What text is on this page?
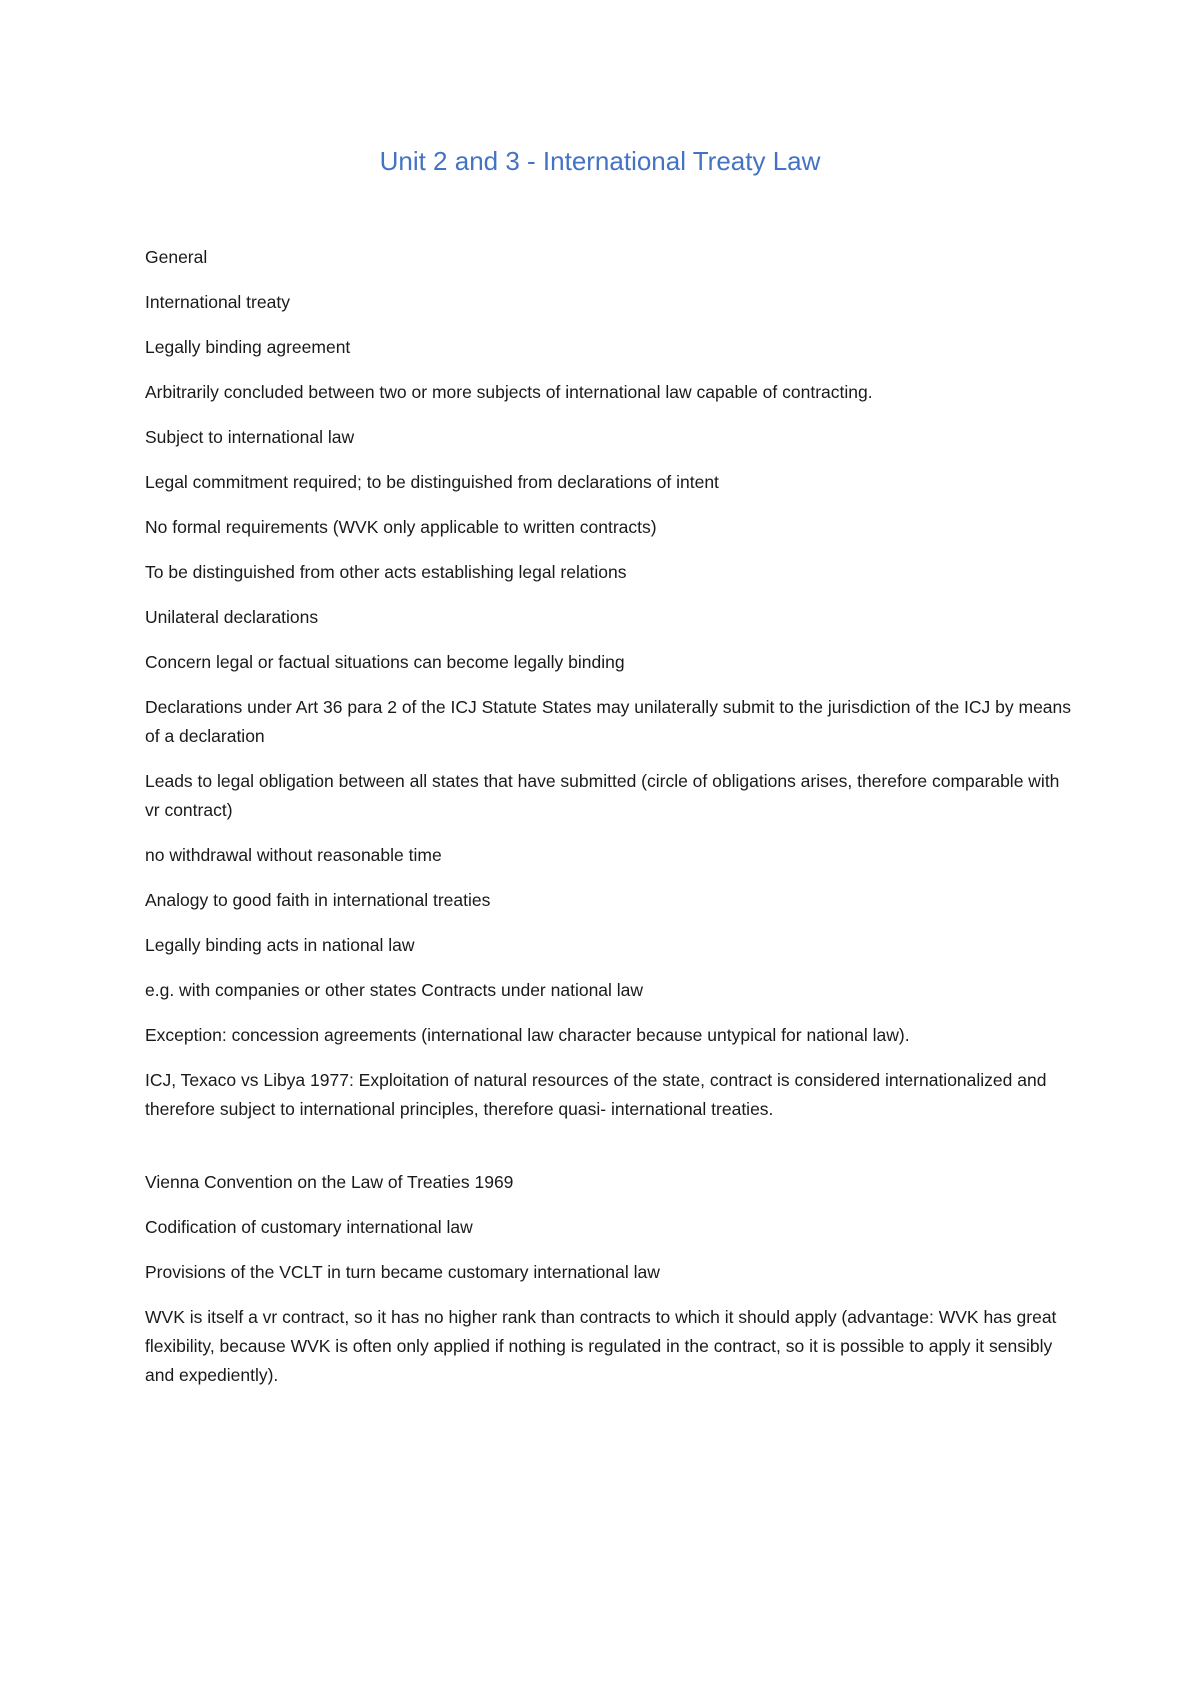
Unit 2 and 3 - International Treaty Law

General

International treaty

Legally binding agreement

Arbitrarily concluded between two or more subjects of international law capable of contracting.

Subject to international law

Legal commitment required; to be distinguished from declarations of intent

No formal requirements (WVK only applicable to written contracts)

To be distinguished from other acts establishing legal relations

Unilateral declarations

Concern legal or factual situations can become legally binding

Declarations under Art 36 para 2 of the ICJ Statute States may unilaterally submit to the jurisdiction of the ICJ by means of a declaration

Leads to legal obligation between all states that have submitted (circle of obligations arises, therefore comparable with vr contract)

no withdrawal without reasonable time

Analogy to good faith in international treaties

Legally binding acts in national law

e.g. with companies or other states Contracts under national law

Exception: concession agreements (international law character because untypical for national law).

ICJ, Texaco vs Libya 1977: Exploitation of natural resources of the state, contract is considered internationalized and therefore subject to international principles, therefore quasi- international treaties.

Vienna Convention on the Law of Treaties 1969

Codification of customary international law

Provisions of the VCLT in turn became customary international law

WVK is itself a vr contract, so it has no higher rank than contracts to which it should apply (advantage: WVK has great flexibility, because WVK is often only applied if nothing is regulated in the contract, so it is possible to apply it sensibly and expediently).
